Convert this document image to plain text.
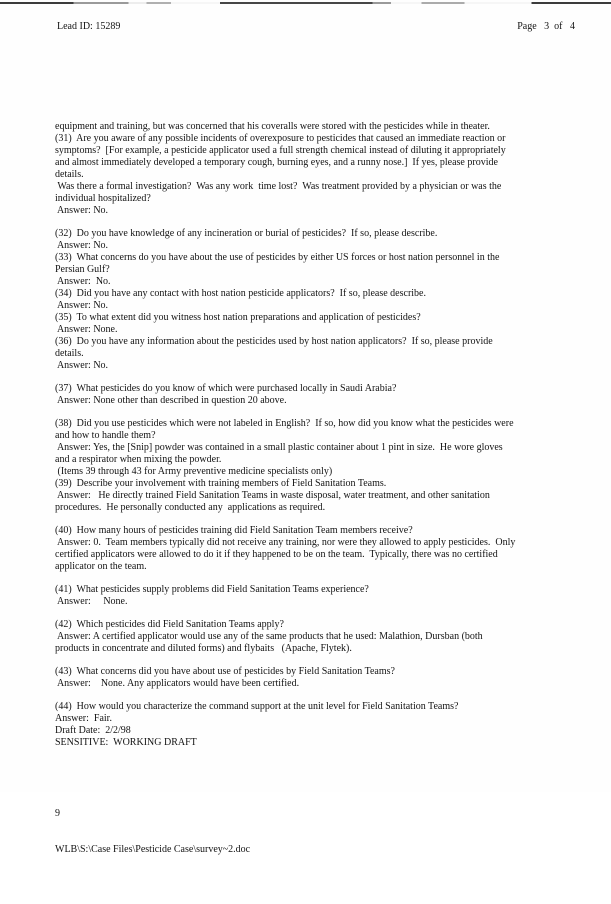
Lead ID: 15289	Page   3  of   4

equipment and training, but was concerned that his coveralls were stored with the pesticides while in theater.
(31)  Are you aware of any possible incidents of overexposure to pesticides that caused an immediate reaction or
symptoms?  [For example, a pesticide applicator used a full strength chemical instead of diluting it appropriately
and almost immediately developed a temporary cough, burning eyes, and a runny nose.]  If yes, please provide
details.
Was there a formal investigation?  Was any work  time lost?  Was treatment provided by a physician or was the
individual hospitalized?
Answer: No.
(32)  Do you have knowledge of any incineration or burial of pesticides?  If so, please describe.
Answer: No.
(33)  What concerns do you have about the use of pesticides by either US forces or host nation personnel in the
Persian Gulf?
Answer:  No.
(34)  Did you have any contact with host nation pesticide applicators?  If so, please describe.
Answer: No.
(35)  To what extent did you witness host nation preparations and application of pesticides?
Answer: None.
(36)  Do you have any information about the pesticides used by host nation applicators?  If so, please provide
details.
Answer: No.
(37)  What pesticides do you know of which were purchased locally in Saudi Arabia?
Answer: None other than described in question 20 above.
(38)  Did you use pesticides which were not labeled in English?  If so, how did you know what the pesticides were
and how to handle them?
Answer: Yes, the [Snip] powder was contained in a small plastic container about 1 pint in size.  He wore gloves
and a respirator when mixing the powder.
(Items 39 through 43 for Army preventive medicine specialists only)
(39)  Describe your involvement with training members of Field Sanitation Teams.
Answer:   He directly trained Field Sanitation Teams in waste disposal, water treatment, and other sanitation
procedures.  He personally conducted any  applications as required.
(40)  How many hours of pesticides training did Field Sanitation Team members receive?
Answer: 0.  Team members typically did not receive any training, nor were they allowed to apply pesticides.  Only
certified applicators were allowed to do it if they happened to be on the team.  Typically, there was no certified
applicator on the team.
(41)  What pesticides supply problems did Field Sanitation Teams experience?
Answer:     None.
(42)  Which pesticides did Field Sanitation Teams apply?
Answer: A certified applicator would use any of the same products that he used: Malathion, Dursban (both
products in concentrate and diluted forms) and flybaits   (Apache, Flytek).
(43)  What concerns did you have about use of pesticides by Field Sanitation Teams?
Answer:    None. Any applicators would have been certified.
(44)  How would you characterize the command support at the unit level for Field Sanitation Teams?
Answer:  Fair.
Draft Date:  2/2/98
SENSITIVE:  WORKING DRAFT

9

WLB\S:\Case Files\Pesticide Case\survey~2.doc
